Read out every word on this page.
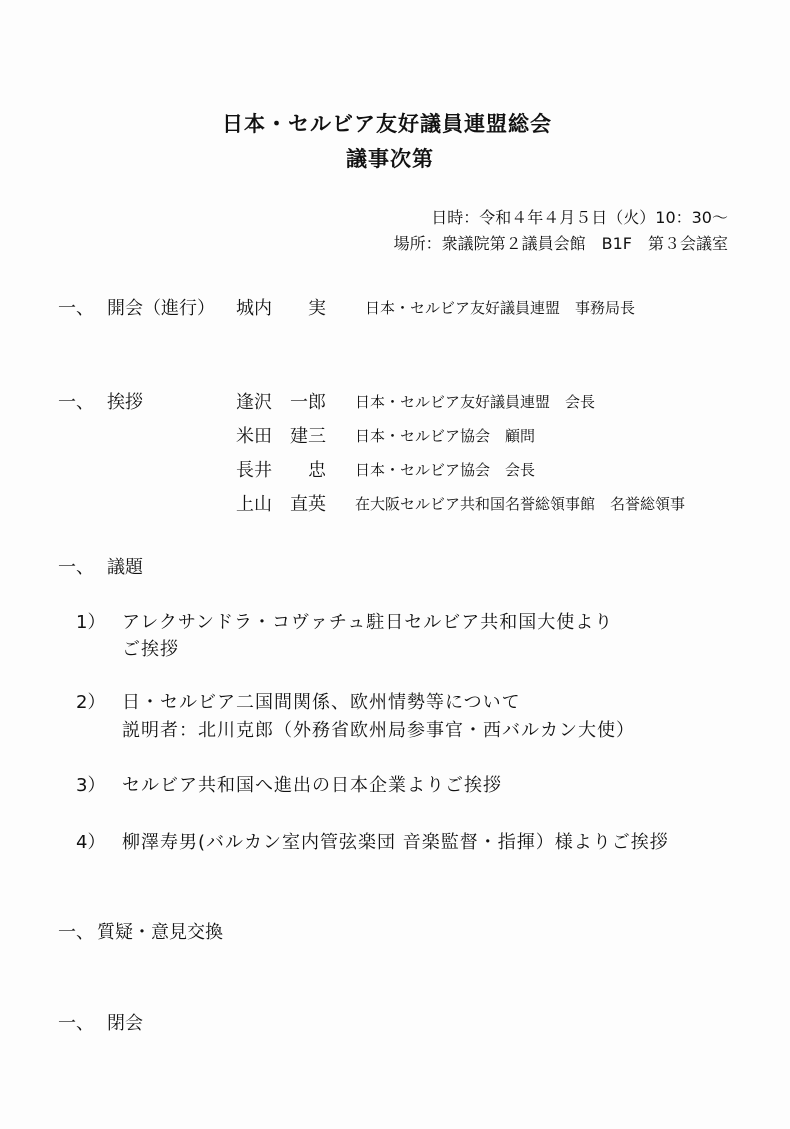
日本・セルビア友好議員連盟総会
議事次第
日時：令和４年４月５日（火）10：30～
場所：衆議院第２議員会館　B1F　第３会議室
一、 開会（進行） 城内　　実	日本・セルビア友好議員連盟　事務局長
一、 挨拶	逢沢　一郎 日本・セルビア友好議員連盟　会長
米田　建三 日本・セルビア協会　顧問
長井　　忠 日本・セルビア協会　会長
上山　直英 在大阪セルビア共和国名誉総領事館　名誉総領事
一、 議題
1） アレクサンドラ・コヴァチュ駐日セルビア共和国大使より
ご挨拶
2） 日・セルビア二国間関係、欧州情勢等について
説明者：北川克郎（外務省欧州局参事官・西バルカン大使）
3） セルビア共和国へ進出の日本企業よりご挨拶
4） 柳澤寿男(バルカン室内管弦楽団 音楽監督・指揮）様よりご挨拶
一、 質疑・意見交換
一、 閉会
